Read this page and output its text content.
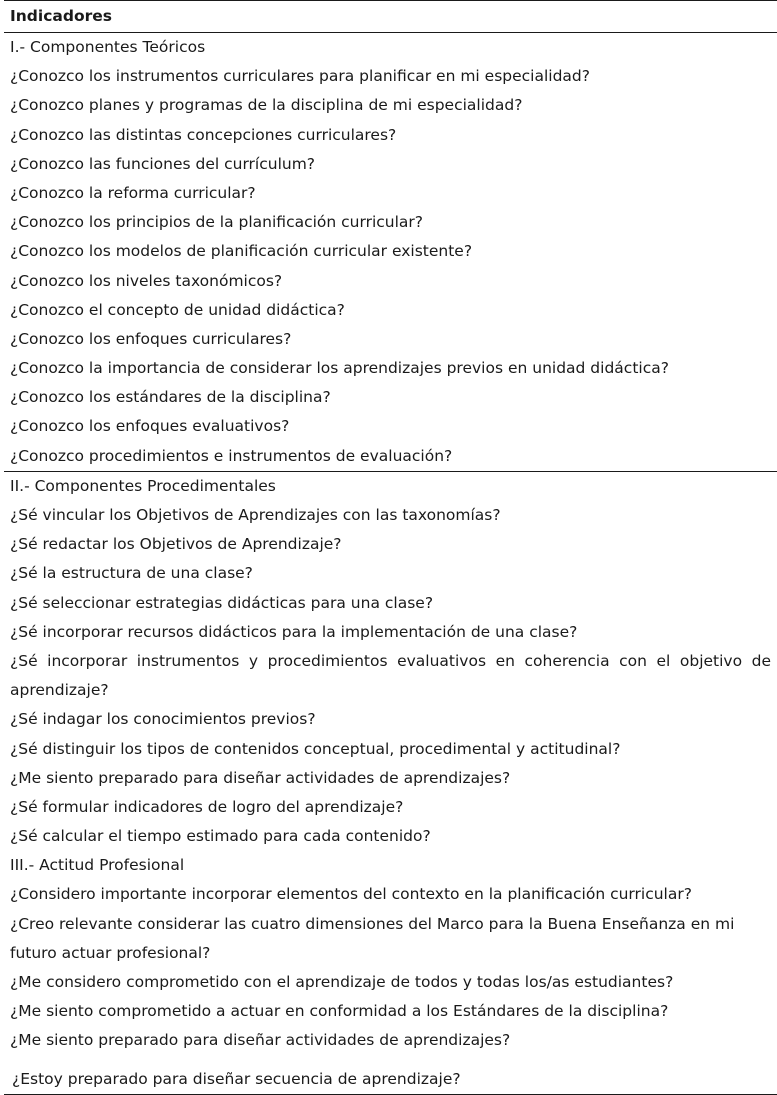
Indicadores
I.- Componentes Teóricos
¿Conozco los instrumentos curriculares para planificar en mi especialidad?
¿Conozco planes y programas de la disciplina de mi especialidad?
¿Conozco las distintas concepciones curriculares?
¿Conozco las funciones del currículum?
¿Conozco la reforma curricular?
¿Conozco los principios de la planificación curricular?
¿Conozco los modelos de planificación curricular existente?
¿Conozco los niveles taxonómicos?
¿Conozco el concepto de unidad didáctica?
¿Conozco los enfoques curriculares?
¿Conozco la importancia de considerar los aprendizajes previos en unidad didáctica?
¿Conozco los estándares de la disciplina?
¿Conozco los enfoques evaluativos?
¿Conozco procedimientos e instrumentos de evaluación?
II.- Componentes Procedimentales
¿Sé vincular los Objetivos de Aprendizajes con las taxonomías?
¿Sé redactar los Objetivos de Aprendizaje?
¿Sé la estructura de una clase?
¿Sé seleccionar estrategias didácticas para una clase?
¿Sé incorporar recursos didácticos para la implementación de una clase?
¿Sé incorporar instrumentos y procedimientos evaluativos en coherencia con el objetivo de aprendizaje?
¿Sé indagar los conocimientos previos?
¿Sé distinguir los tipos de contenidos conceptual, procedimental y actitudinal?
¿Me siento preparado para diseñar actividades de aprendizajes?
¿Sé formular indicadores de logro del aprendizaje?
¿Sé calcular el tiempo estimado para cada contenido?
III.- Actitud Profesional
¿Considero importante incorporar elementos del contexto en la planificación curricular?
¿Creo relevante considerar las cuatro dimensiones del Marco para la Buena Enseñanza en mi futuro actuar profesional?
¿Me considero comprometido con el aprendizaje de todos y todas los/as estudiantes?
¿Me siento comprometido a actuar en conformidad a los Estándares de la disciplina?
¿Me siento preparado para diseñar actividades de aprendizajes?
¿Estoy preparado para diseñar secuencia de aprendizaje?
